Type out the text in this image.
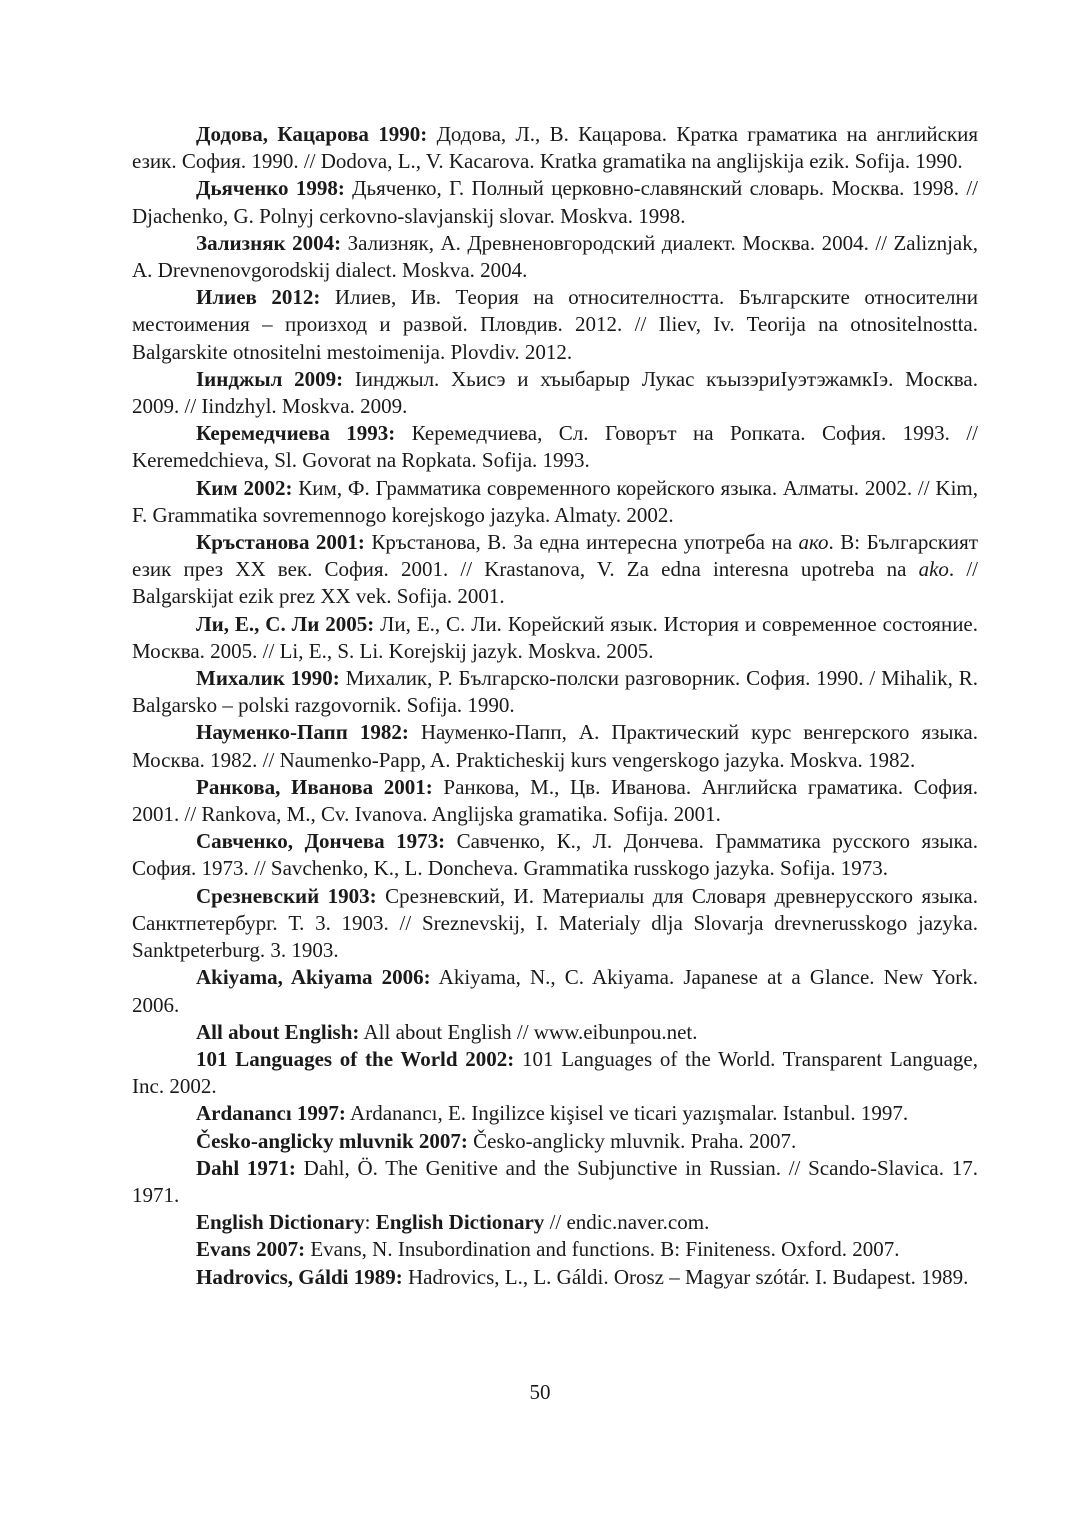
Додова, Кацарова 1990: Додова, Л., В. Кацарова. Кратка граматика на английския език. София. 1990. // Dodova, L., V. Kacarova. Kratka gramatika na anglijskija ezik. Sofija. 1990.

Дьяченко 1998: Дьяченко, Г. Полный церковно-славянский словарь. Москва. 1998. // Djachenko, G. Polnyj cerkovno-slavjanskij slovar. Moskva. 1998.

Зализняк 2004: Зализняк, А. Древненовгородский диалект. Москва. 2004. // Zaliznjak, A. Drevnenovgorodskij dialect. Moskva. 2004.

Илиев 2012: Илиев, Ив. Теория на относителността. Българските относителни местоимения – произход и развой. Пловдив. 2012. // Iliev, Iv. Teorija na otnositelnostta. Balgarskite otnositelni mestoimenija. Plovdiv. 2012.

Іинджыл 2009: Іинджыл. Хьисэ и хъыбарыр Лукас къызэриIуэтэжамкIэ. Москва. 2009. // Iindzhyl. Moskva. 2009.

Керемедчиева 1993: Керемедчиева, Сл. Говорът на Ропката. София. 1993. // Keremedchieva, Sl. Govorat na Ropkata. Sofija. 1993.

Ким 2002: Ким, Ф. Грамматика современного корейского языка. Алматы. 2002. // Kim, F. Grammatika sovremennogo korejskogo jazyka. Almaty. 2002.

Кръстанова 2001: Кръстанова, В. За една интересна употреба на ако. В: Българският език през ХХ век. София. 2001. // Krastanova, V. Za edna interesna upotreba na ako. // Balgarskijat ezik prez XX vek. Sofija. 2001.

Ли, Е., С. Ли 2005: Ли, Е., С. Ли. Корейский язык. История и современное состояние. Москва. 2005. // Li, E., S. Li. Korejskij jazyk. Moskva. 2005.

Михалик 1990: Михалик, Р. Българско-полски разговорник. София. 1990. / Mihalik, R. Balgarsko – polski razgovornik. Sofija. 1990.

Науменко-Папп 1982: Науменко-Папп, А. Практический курс венгерского языка. Москва. 1982. // Naumenko-Papp, A. Prakticheskij kurs vengerskogo jazyka. Moskva. 1982.

Ранкова, Иванова 2001: Ранкова, М., Цв. Иванова. Английска граматика. София. 2001. // Rankova, M., Cv. Ivanova. Anglijska gramatika. Sofija. 2001.

Савченко, Дончева 1973: Савченко, К., Л. Дончева. Грамматика русского языка. София. 1973. // Savchenko, K., L. Doncheva. Grammatika russkogo jazyka. Sofija. 1973.

Срезневский 1903: Срезневский, И. Материалы для Словаря древнерусского языка. Санктпетербург. Т. 3. 1903. // Sreznevskij, I. Materialy dlja Slovarja drevnerusskogo jazyka. Sanktpeterburg. 3. 1903.

Akiyama, Akiyama 2006: Akiyama, N., C. Akiyama. Japanese at a Glance. New York. 2006.

All about English: All about English // www.eibunpou.net.

101 Languages of the World 2002: 101 Languages of the World. Transparent Language, Inc. 2002.

Ardanancı 1997: Ardanancı, E. Ingilizce kişisel ve ticari yazışmalar. Istanbul. 1997.

Česko-anglicky mluvnik 2007: Česko-anglicky mluvnik. Praha. 2007.

Dahl 1971: Dahl, Ö. The Genitive and the Subjunctive in Russian. // Scando-Slavica. 17. 1971.

English Dictionary: English Dictionary // endic.naver.com.

Evans 2007: Evans, N. Insubordination and functions. В: Finiteness. Oxford. 2007.

Hadrovics, Gáldi 1989: Hadrovics, L., L. Gáldi. Orosz – Magyar szótár. I. Budapest. 1989.

50
